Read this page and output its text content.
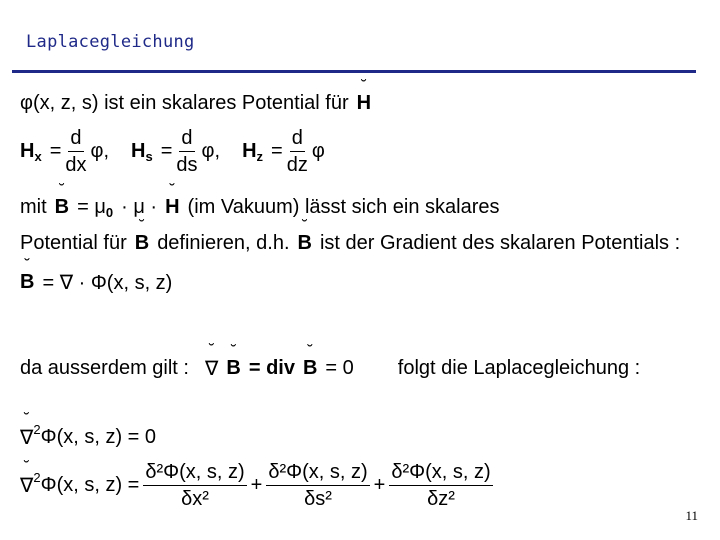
Laplacegleichung
φ(x, z, s) ist ein skalares Potential für ˘ H
H $x = \frac{d}{dx} \varphi$, H $s = \frac{d}{ds} \varphi$, H $z = \frac{d}{dz}$ φ
mit ˘ B = μ 0 · μ · ˘ H (im Vakuum) lässt sich ein skalares
Potential für ˘ B definieren, d.h. ˘ B ist der Gradient des skalaren Potentials :
˘ B = ∇ · Φ(x, s, z)
da ausserdem gilt : ˘ ∇ ˘ B = div ˘ B = 0 folgt die Laplacegleichung :
˘ ∇ 2 Φ(x, s, z) = 0
˘ ∇ 2 Φ(x, s, $z) = \frac{\text{δ²Φ(x, s, z)}}{\text{δx²}} + \frac{\text{δ²Φ(x, s, z)}}{\text{δs²}} + \frac{\text{δ²Φ(x, s, z)}}{\text{δz²}}$
11
